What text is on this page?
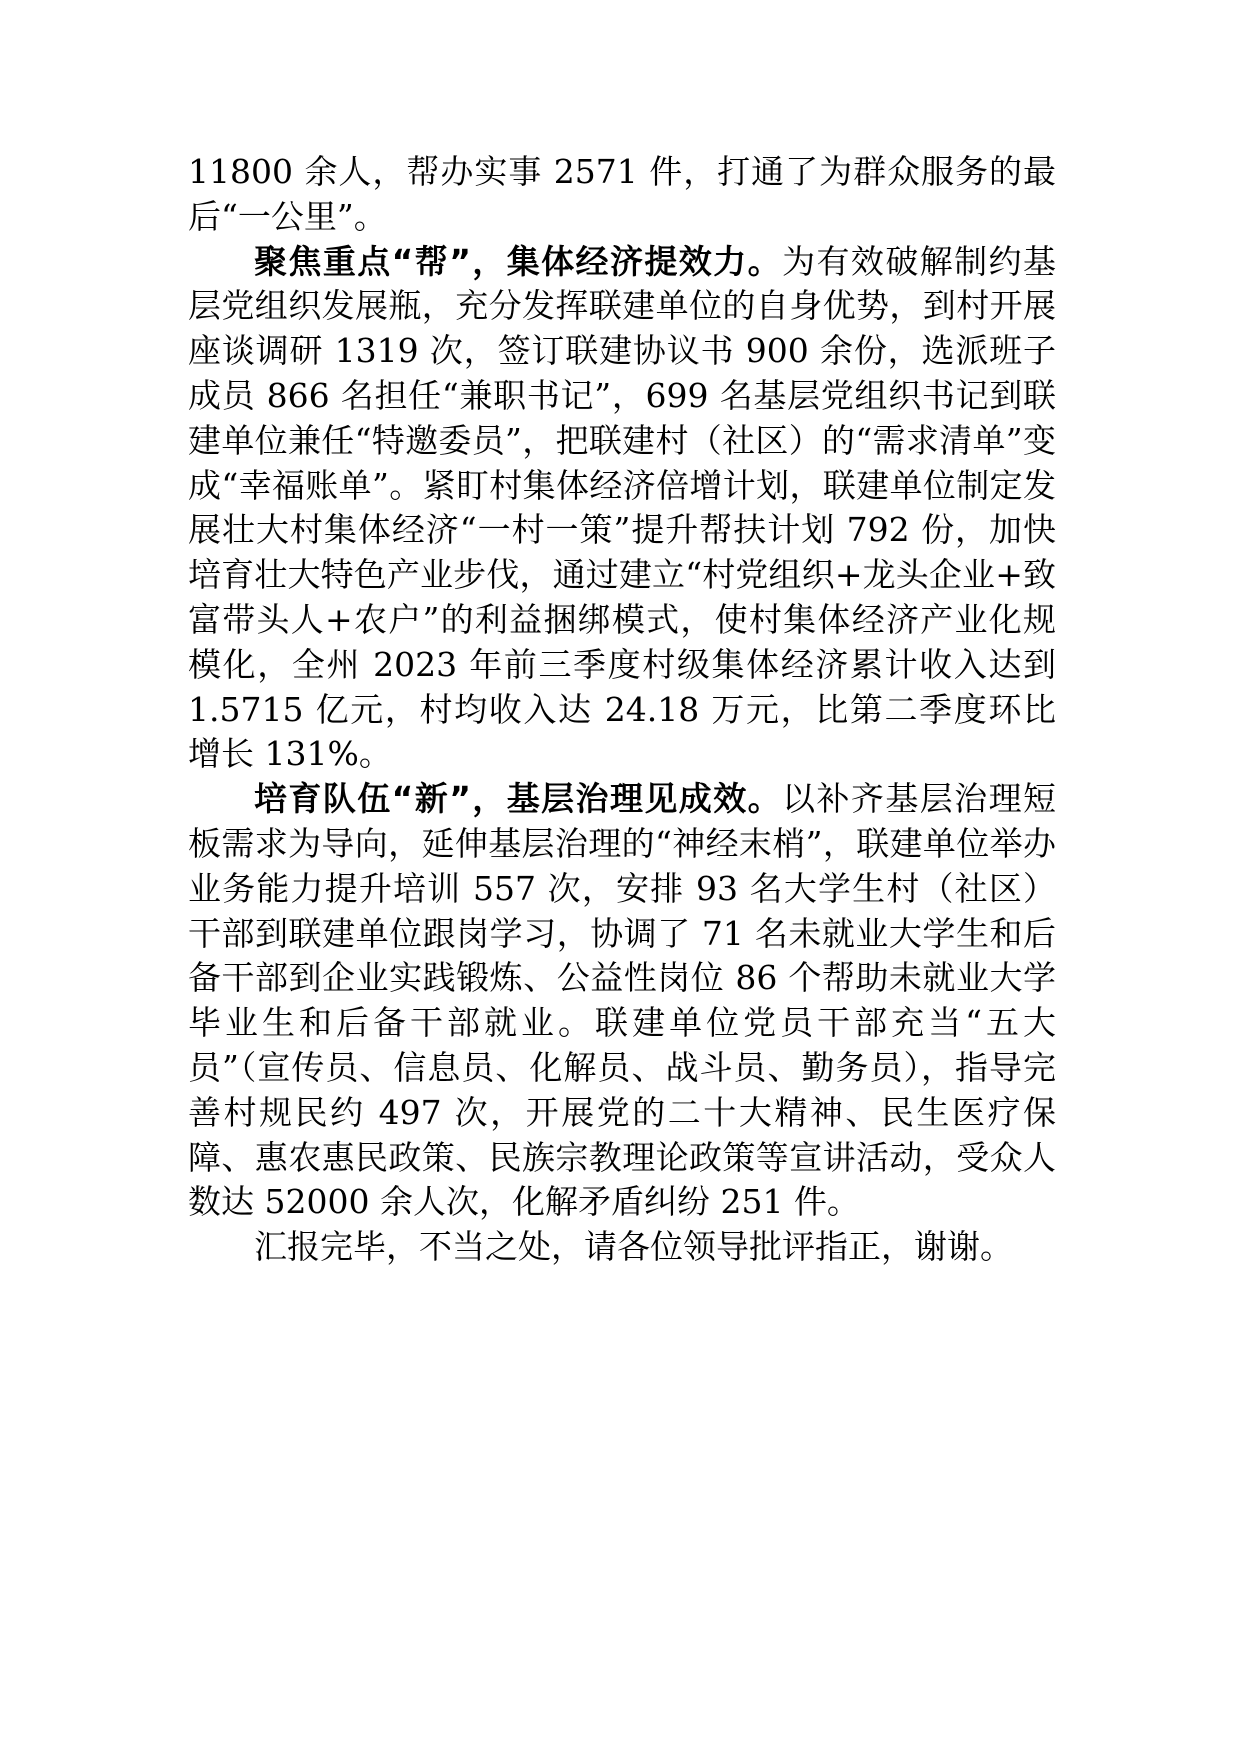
11800 余人，帮办实事 2571 件，打通了为群众服务的最后“一公里”。

聚焦重点“帮”，集体经济提效力。为有效破解制约基层党组织发展瓶，充分发挥联建单位的自身优势，到村开展座谈调研 1319 次，签订联建协议书 900 余份，选派班子成员 866 名担任“兼职书记”，699 名基层党组织书记到联建单位兼任“特邀委员”，把联建村（社区）的“需求清单”变成“幸福账单”。紧盯村集体经济倍增计划，联建单位制定发展壮大村集体经济“一村一策”提升帮扶计划 792 份，加快培育壮大特色产业步伐，通过建立“村党组织+龙头企业+致富带头人+农户”的利益捆绑模式，使村集体经济产业化规模化，全州 2023 年前三季度村级集体经济累计收入达到 1.5715 亿元，村均收入达 24.18 万元，比第二季度环比增长 131%。

培育队伍“新”，基层治理见成效。以补齐基层治理短板需求为导向，延伸基层治理的“神经末梢”，联建单位举办业务能力提升培训 557 次，安排 93 名大学生村（社区）干部到联建单位跟岗学习，协调了 71 名未就业大学生和后备干部到企业实践锻炼、公益性岗位 86 个帮助未就业大学毕业生和后备干部就业。联建单位党员干部充当“五大员”（宣传员、信息员、化解员、战斗员、勤务员），指导完善村规民约 497 次，开展党的二十大精神、民生医疗保障、惠农惠民政策、民族宗教理论政策等宣讲活动，受众人数达 52000 余人次，化解矛盾纠纷 251 件。

汇报完毕，不当之处，请各位领导批评指正，谢谢。
